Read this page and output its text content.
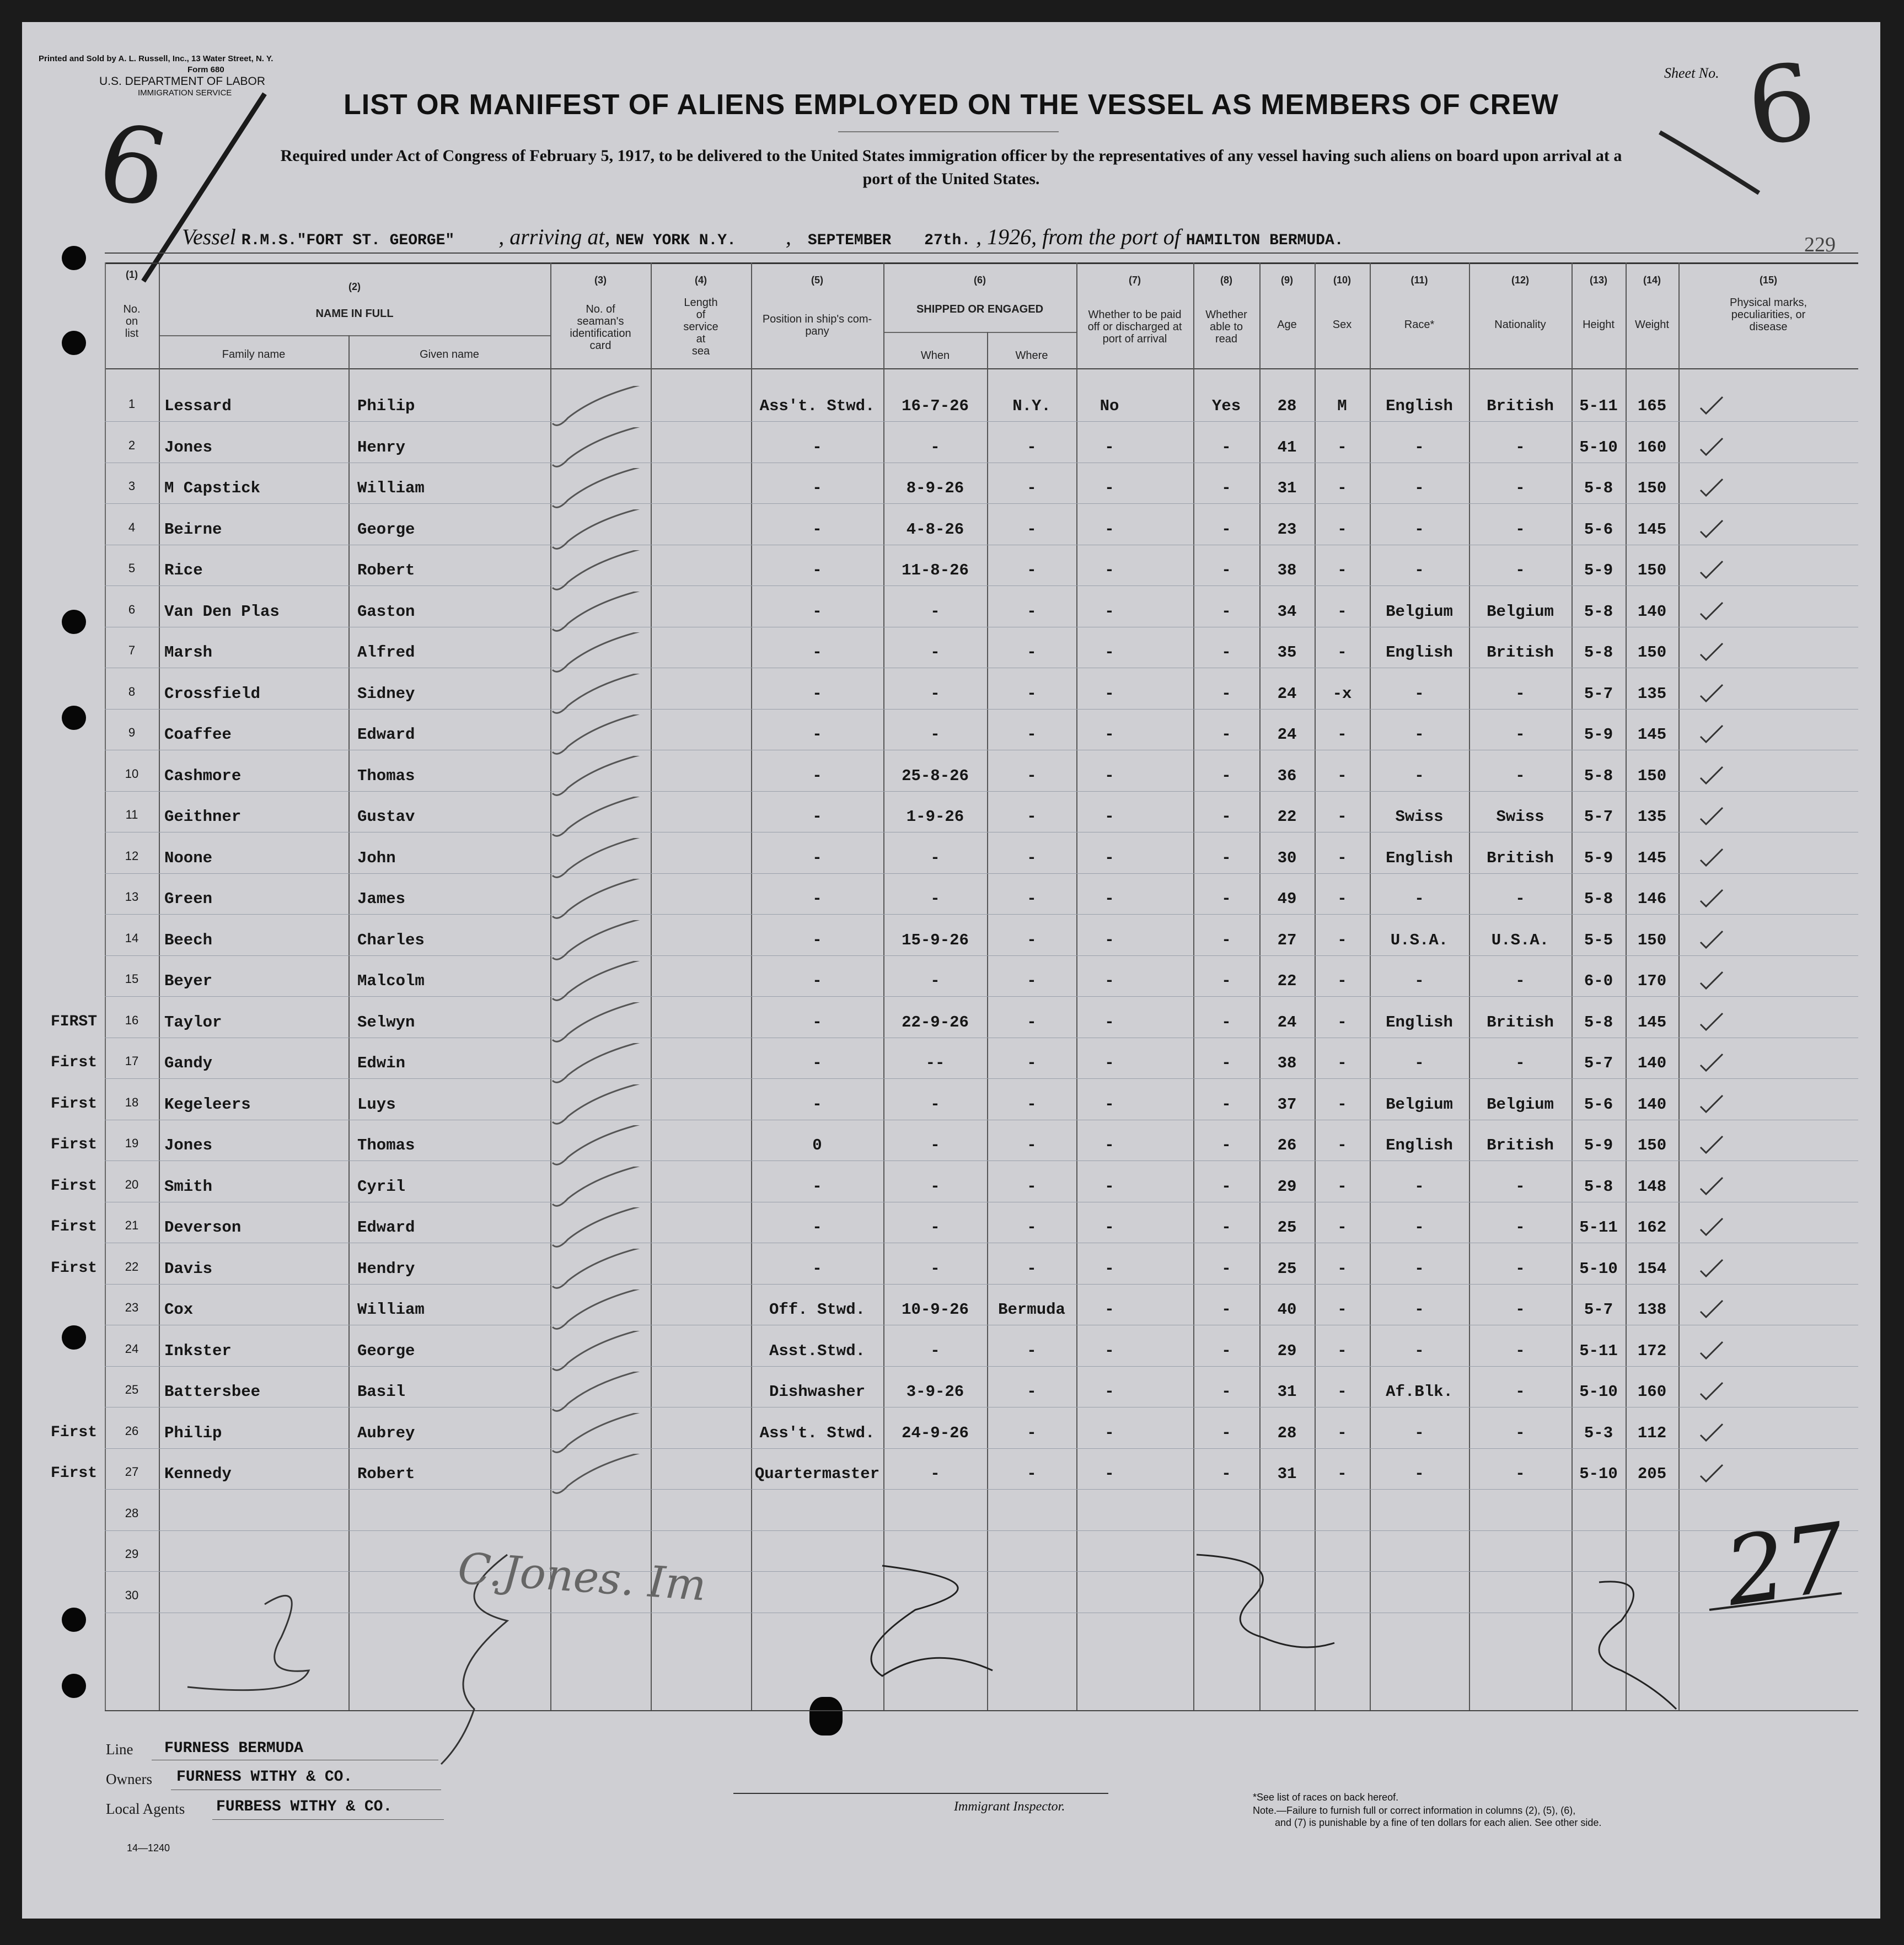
Printed and Sold by A. L. Russell, Inc., 13 Water Street, N. Y.
Form 680
U.S. DEPARTMENT OF LABOR
IMMIGRATION SERVICE
Sheet No. 6
6	LIST OR MANIFEST OF ALIENS EMPLOYED ON THE VESSEL AS MEMBERS OF CREW
Required under Act of Congress of February 5, 1917, to be delivered to the United States immigration officer by the representatives of any vessel having such aliens on board upon arrival at a
port of the United States.
Vessel R.M.S."FORT ST. GEORGE" , arriving at, NEW YORK N.Y. , SEPTEMBER 27th. , 1926, from the port of HAMILTON BERMUDA.	229
(1)
(2)
(3)	(4)	(5)	(6)	(7)	(8)	(9)	(10)	(11)	(12)	(13)	(14)	(15)
No.
on
list
NAME IN FULL
Family name	Given name
No. of
seaman's
identification
card
Length
of
service
at
sea
Position in ship's com-
pany
SHIPPED OR ENGAGED
When	Where
Whether to be paid
off or discharged at
port of arrival
Whether
able to
read
Age	Sex	Race*	Nationality	Height	Weight
Physical marks,
peculiarities, or
disease
1	Lessard	Philip	Ass't. Stwd.	16-7-26	N.Y.	No	Yes	28	M	English	British	5-11	165
2	Jones	Henry	-	-	-	-	-	41	-	-	-	5-10	160
3	M Capstick	William	-	8-9-26	-	-	-	31	-	-	-	5-8	150
4	Beirne	George	-	4-8-26	-	-	-	23	-	-	-	5-6	145
5	Rice	Robert	-	11-8-26	-	-	-	38	-	-	-	5-9	150
6	Van Den Plas	Gaston	-	-	-	-	-	34	-	Belgium	Belgium	5-8	140
7	Marsh	Alfred	-	-	-	-	-	35	-	English	British	5-8	150
8	Crossfield	Sidney	-	-	-	-	-	24	-x	-	-	5-7	135
9	Coaffee	Edward	-	-	-	-	-	24	-	-	-	5-9	145
10	Cashmore	Thomas	-	25-8-26	-	-	-	36	-	-	-	5-8	150
11	Geithner	Gustav	-	1-9-26	-	-	-	22	-	Swiss	Swiss	5-7	135
12	Noone	John	-	-	-	-	-	30	-	English	British	5-9	145
13	Green	James	-	-	-	-	-	49	-	-	-	5-8	146
14	Beech	Charles	-	15-9-26	-	-	-	27	-	U.S.A.	U.S.A.	5-5	150
15	Beyer	Malcolm	-	-	-	-	-	22	-	-	-	6-0	170
FIRST	16	Taylor	Selwyn	-	22-9-26	-	-	-	24	-	English	British	5-8	145
First	17	Gandy	Edwin	-	--	-	-	-	38	-	-	-	5-7	140
First	18	Kegeleers	Luys	-	-	-	-	-	37	-	Belgium	Belgium	5-6	140
First	19	Jones	Thomas	0	-	-	-	-	26	-	English	British	5-9	150
First	20	Smith	Cyril	-	-	-	-	-	29	-	-	-	5-8	148
First	21	Deverson	Edward	-	-	-	-	-	25	-	-	-	5-11	162
First	22	Davis	Hendry	-	-	-	-	-	25	-	-	-	5-10	154
23	Cox	William	Off. Stwd.	10-9-26	Bermuda	-	-	40	-	-	-	5-7	138
24	Inkster	George	Asst.Stwd.	-	-	-	-	29	-	-	-	5-11	172
25	Battersbee	Basil	Dishwasher	3-9-26	-	-	-	31	-	Af.Blk.	-	5-10	160
First	26	Philip	Aubrey	Ass't. Stwd.	24-9-26	-	-	-	28	-	-	-	5-3	112
First	27	Kennedy	Robert	Quartermaster	-	-	-	-	31	-	-	-	5-10	205
28
29
30	C.Jones. Im	27
Line FURNESS BERMUDA
Owners FURNESS WITHY & CO.
Local Agents FURBESS WITHY & CO.
14—1240
Immigrant Inspector.
*See list of races on back hereof.
Note.—Failure to furnish full or correct information in columns (2), (5), (6),
and (7) is punishable by a fine of ten dollars for each alien. See other side.
